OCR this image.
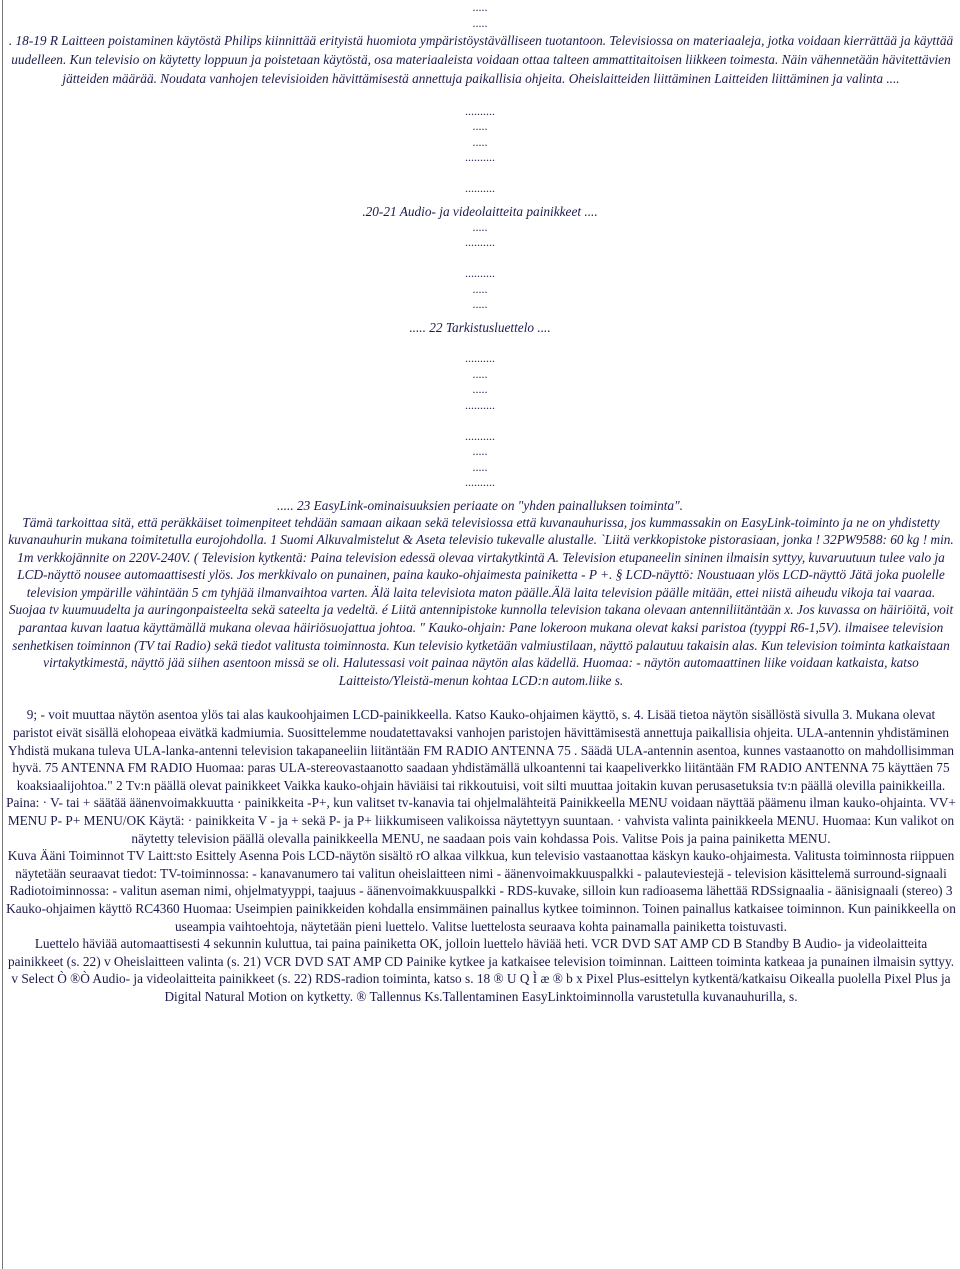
.....
.....
. 18-19 R Laitteen poistaminen käytöstä Philips kiinnittää erityistä huomiota ympäristöystävälliseen tuotantoon. Televisiossa on materiaaleja, jotka voidaan kierrättää ja käyttää uudelleen. Kun televisio on käytetty loppuun ja poistetaan käytöstä, osa materiaaleista voidaan ottaa talteen ammattitaitoisen liikkeen toimesta. Näin vähennetään hävitettävien jätteiden määrää. Noudata vanhojen televisioiden hävittämisestä annettuja paikallisia ohjeita. Oheislaitteiden liittäminen Laitteiden liittäminen ja valinta ....
..........
.....
.....
..........
..........
.20-21 Audio- ja videolaitteita painikkeet ....
.....
..........
..........
.....
.....
..... 22 Tarkistusluettelo ....
..........
.....
.....
..........
..........
.....
.....
..........
..... 23 EasyLink-ominaisuuksien periaate on "yhden painalluksen toiminta".
Tämä tarkoittaa sitä, että peräkkäiset toimenpiteet tehdään samaan aikaan sekä televisiossa että kuvanauhurissa, jos kummassakin on EasyLink-toiminto ja ne on yhdistetty kuvanauhurin mukana toimitetulla eurojohdolla. 1 Suomi Alkuvalmistelut & Aseta televisio tukevalle alustalle. `Liitä verkkopistoke pistorasiaan, jonka ! 32PW9588: 60 kg ! min. 1m verkkojännite on 220V-240V. ( Television kytkentä: Paina television edessä olevaa virtakytkintä A. Television etupaneelin sininen ilmaisin syttyy, kuvaruutuun tulee valo ja LCD-näyttö nousee automaattisesti ylös. Jos merkkivalo on punainen, paina kauko-ohjaimesta painiketta - P +. § LCD-näyttö: Noustuaan ylös LCD-näyttö Jätä joka puolelle television ympärille vähintään 5 cm tyhjää ilmanvaihtoa varten. Älä laita televisiota maton päälle.Älä laita television päälle mitään, ettei niistä aiheudu vikoja tai vaaraa.
Suojaa tv kuumuudelta ja auringonpaisteelta sekä sateelta ja vedeltä. é Liitä antennipistoke kunnolla television takana olevaan antenniliitäntään x. Jos kuvassa on häiriöitä, voit parantaa kuvan laatua käyttämällä mukana olevaa häiriösuojattua johtoa. " Kauko-ohjain: Pane lokeroon mukana olevat kaksi paristoa (tyyppi R6-1,5V). ilmaisee television senhetkisen toiminnon (TV tai Radio) sekä tiedot valitusta toiminnosta. Kun televisio kytketään valmiustilaan, näyttö palautuu takaisin alas. Kun television toiminta katkaistaan virtakytkimestä, näyttö jää siihen asentoon missä se oli. Halutessasi voit painaa näytön alas kädellä. Huomaa: - näytön automaattinen liike voidaan katkaista, katso Laitteisto/Yleistä-menun kohtaa LCD:n autom.liike s.
9; - voit muuttaa näytön asentoa ylös tai alas kaukoohjaimen LCD-painikkeella. Katso Kauko-ohjaimen käyttö, s. 4. Lisää tietoa näytön sisällöstä sivulla 3. Mukana olevat paristot eivät sisällä elohopeaa eivätkä kadmiumia. Suosittelemme noudatettavaksi vanhojen paristojen hävittämisestä annettuja paikallisia ohjeita. ULA-antennin yhdistäminen Yhdistä mukana tuleva ULA-lanka-antenni television takapaneeliin liitäntään FM RADIO ANTENNA 75 . Säädä ULA-antennin asentoa, kunnes vastaanotto on mahdollisimman hyvä. 75 ANTENNA FM RADIO Huomaa: paras ULA-stereovastaanotto saadaan yhdistämällä ulkoantenni tai kaapeliverkko liitäntään FM RADIO ANTENNA 75 käyttäen 75 koaksiaalijohtoa." 2 Tv:n päällä olevat painikkeet Vaikka kauko-ohjain häviäisi tai rikkoutuisi, voit silti muuttaa joitakin kuvan perusasetuksia tv:n päällä olevilla painikkeilla.
Paina: · V- tai + säätää äänenvoimakkuutta · painikkeita -P+, kun valitset tv-kanavia tai ohjelmalähteitä Painikkeella MENU voidaan näyttää päämenu ilman kauko-ohjainta. VV+ MENU P- P+ MENU/OK Käytä: · painikkeita V - ja + sekä P- ja P+ liikkumiseen valikoissa näytettyyn suuntaan. · vahvista valinta painikkeela MENU. Huomaa: Kun valikot on näytetty television päällä olevalla painikkeella MENU, ne saadaan pois vain kohdassa Pois. Valitse Pois ja paina painiketta MENU.
Kuva Ääni Toiminnot TV Laitt:sto Esittely Asenna Pois LCD-näytön sisältö rO alkaa vilkkua, kun televisio vastaanottaa käskyn kauko-ohjaimesta. Valitusta toiminnosta riippuen näytetään seuraavat tiedot: TV-toiminnossa: - kanavanumero tai valitun oheislaitteen nimi - äänenvoimakkuuspalkki - palauteviestejä - television käsittelemä surround-signaali Radiotoiminnossa: - valitun aseman nimi, ohjelmatyyppi, taajuus - äänenvoimakkuuspalkki - RDS-kuvake, silloin kun radioasema lähettää RDSsignaalia - äänisignaali (stereo) 3 Kauko-ohjaimen käyttö RC4360 Huomaa: Useimpien painikkeiden kohdalla ensimmäinen painallus kytkee toiminnon. Toinen painallus katkaisee toiminnon. Kun painikkeella on useampia vaihtoehtoja, näytetään pieni luettelo. Valitse luettelosta seuraava kohta painamalla painiketta toistuvasti.
Luettelo häviää automaattisesti 4 sekunnin kuluttua, tai paina painiketta OK, jolloin luettelo häviää heti. VCR DVD SAT AMP CD B Standby B Audio- ja videolaitteita painikkeet (s. 22) v Oheislaitteen valinta (s. 21) VCR DVD SAT AMP CD Painike kytkee ja katkaisee television toiminnan. Laitteen toiminta katkeaa ja punainen ilmaisin syttyy. v Select Ò ®Ò Audio- ja videolaitteita painikkeet (s. 22) RDS-radion toiminta, katso s. 18 ® U Q Ì æ ® b x Pixel Plus-esittelyn kytkentä/katkaisu Oikealla puolella Pixel Plus ja Digital Natural Motion on kytketty. ® Tallennus Ks.Tallentaminen EasyLinktoiminnolla varustetulla kuvanauhurilla, s.
